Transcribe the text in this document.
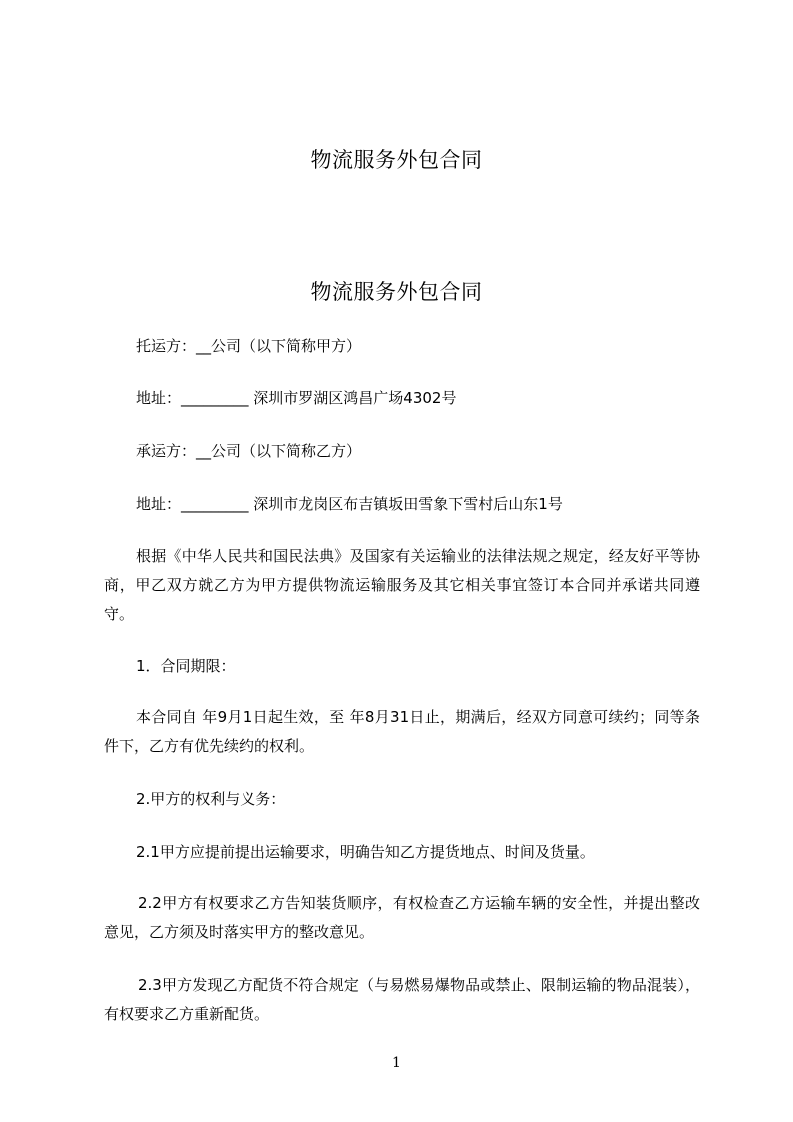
物流服务外包合同
物流服务外包合同

托运方：__公司（以下简称甲方）

地址：_________ 深圳市罗湖区鸿昌广场4302号

承运方：__公司（以下简称乙方）

地址：_________ 深圳市龙岗区布吉镇坂田雪象下雪村后山东1号

根据《中华人民共和国民法典》及国家有关运输业的法律法规之规定，经友好平等协商，甲乙双方就乙方为甲方提供物流运输服务及其它相关事宜签订本合同并承诺共同遵守。

1．合同期限：

本合同自 年9月1日起生效，至 年8月31日止，期满后，经双方同意可续约；同等条件下，乙方有优先续约的权利。

2.甲方的权利与义务：

2.1甲方应提前提出运输要求，明确告知乙方提货地点、时间及货量。

2.2甲方有权要求乙方告知装货顺序，有权检查乙方运输车辆的安全性，并提出整改意见，乙方须及时落实甲方的整改意见。

2.3甲方发现乙方配货不符合规定（与易燃易爆物品或禁止、限制运输的物品混装），有权要求乙方重新配货。

1
